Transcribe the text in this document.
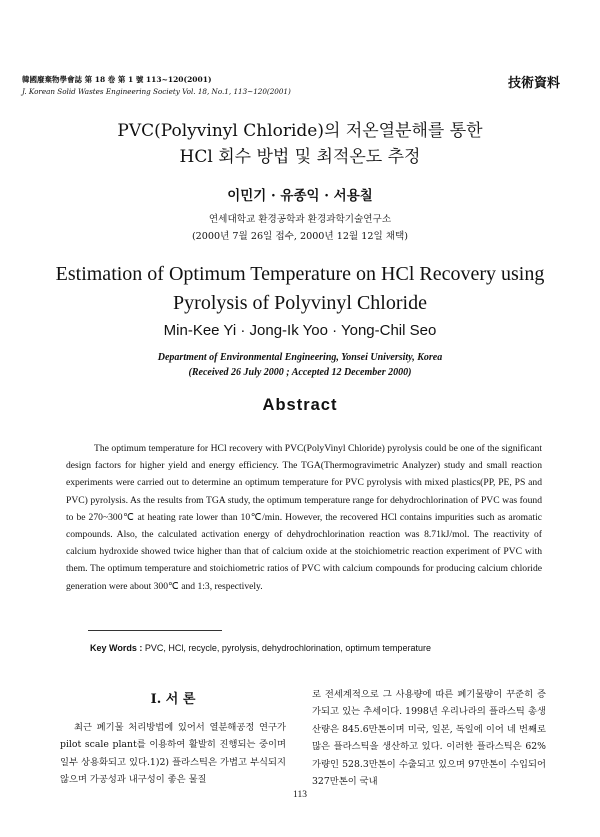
韓國廢棄物學會誌 第 18 卷 第 1 號 113~120(2001)
J. Korean Solid Wastes Engineering Society Vol. 18, No.1, 113~120(2001)
技術資料
PVC(Polyvinyl Chloride)의 저온열분해를 통한
HCl 회수 방법 및 최적온도 추정
이민기 · 유종익 · 서용칠
연세대학교 환경공학과 환경과학기술연구소
(2000년 7월 26일 접수, 2000년 12월 12일 채택)
Estimation of Optimum Temperature on HCl Recovery using
Pyrolysis of Polyvinyl Chloride
Min-Kee Yi · Jong-Ik Yoo · Yong-Chil Seo
Department of Environmental Engineering, Yonsei University, Korea
(Received 26 July 2000 ; Accepted 12 December 2000)
Abstract
The optimum temperature for HCl recovery with PVC(PolyVinyl Chloride) pyrolysis could be one of the significant design factors for higher yield and energy efficiency. The TGA(Thermogravimetric Analyzer) study and small reaction experiments were carried out to determine an optimum temperature for PVC pyrolysis with mixed plastics(PP, PE, PS and PVC) pyrolysis. As the results from TGA study, the optimum temperature range for dehydrochlorination of PVC was found to be 270~300℃ at heating rate lower than 10℃/min. However, the recovered HCl contains impurities such as aromatic compounds. Also, the calculated activation energy of dehydrochlorination reaction was 8.71kJ/mol. The reactivity of calcium hydroxide showed twice higher than that of calcium oxide at the stoichiometric reaction experiment of PVC with them. The optimum temperature and stoichiometric ratios of PVC with calcium compounds for producing calcium chloride generation were about 300℃ and 1:3, respectively.
Key Words : PVC, HCl, recycle, pyrolysis, dehydrochlorination, optimum temperature
Ⅰ. 서 론

최근 폐기물 처리방법에 있어서 열분해공정 연구가 pilot scale plant를 이용하여 활발히 진행되는 중이며 일부 상용화되고 있다.1)2) 플라스틱은 가볍고 부식되지 않으며 가공성과 내구성이 좋은 물질

로 전세계적으로 그 사용량에 따른 폐기물량이 꾸준히 증가되고 있는 추세이다. 1998년 우리나라의 플라스틱 총생산량은 845.6만톤이며 미국, 일본, 독일에 이어 네 번째로 많은 플라스틱을 생산하고 있다. 이러한 플라스틱은 62%가량인 528.3만톤이 수출되고 있으며 97만톤이 수입되어 327만톤이 국내

113
